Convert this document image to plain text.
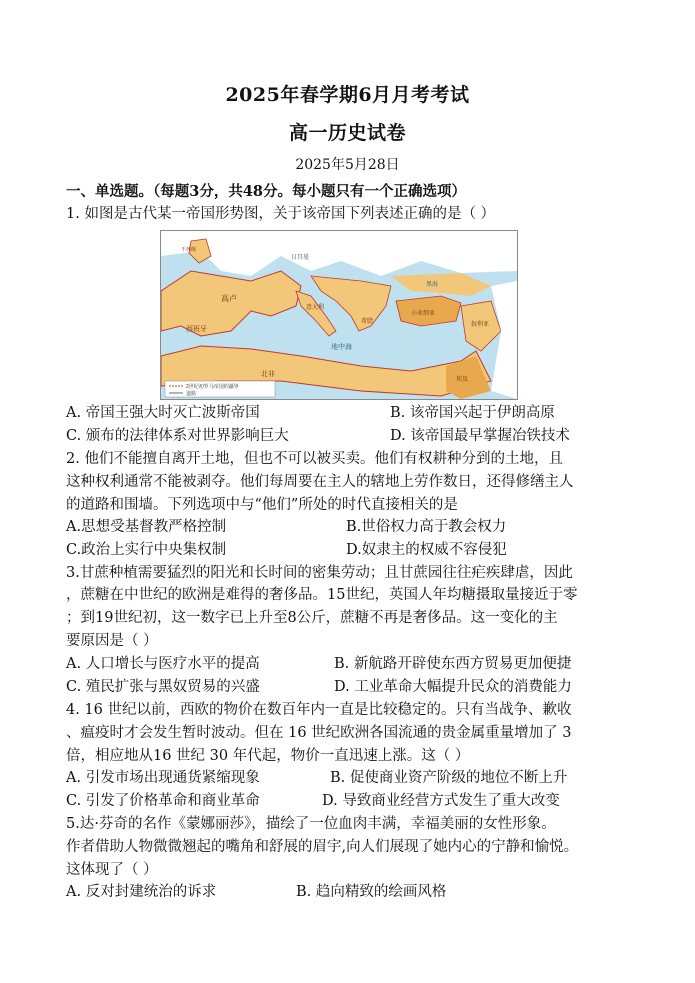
2025年春学期6月月考考试
高一历史试卷
2025年5月28日
一、单选题。（每题3分，共48分。每小题只有一个正确选项）
1. 如图是古代某一帝国形势图，关于该帝国下列表述正确的是（ ）
2世纪初罗马帝国的疆界
道路
高卢
西班牙
意大利
希腊
小亚细亚
叙利亚
埃及
北非
黑海
地中海
日耳曼
不列颠
A. 帝国王强大时灭亡波斯帝国	B. 该帝国兴起于伊朗高原
C. 颁布的法律体系对世界影响巨大	D. 该帝国最早掌握冶铁技术
2. 他们不能擅自离开土地，但也不可以被买卖。他们有权耕种分到的土地，且
这种权利通常不能被剥夺。他们每周要在主人的辖地上劳作数日，还得修缮主人
的道路和围墙。下列选项中与“他们”所处的时代直接相关的是
A.思想受基督教严格控制	B.世俗权力高于教会权力
C.政治上实行中央集权制	D.奴隶主的权威不容侵犯
3.甘蔗种植需要猛烈的阳光和长时间的密集劳动；且甘蔗园往往疟疾肆虐，因此
，蔗糖在中世纪的欧洲是难得的奢侈品。15世纪，英国人年均糖摄取量接近于零
；到19世纪初，这一数字已上升至8公斤，蔗糖不再是奢侈品。这一变化的主
要原因是（ ）
A. 人口增长与医疗水平的提高	B. 新航路开辟使东西方贸易更加便捷
C. 殖民扩张与黑奴贸易的兴盛	D. 工业革命大幅提升民众的消费能力
4. 16 世纪以前，西欧的物价在数百年内一直是比较稳定的。只有当战争、歉收
、瘟疫时才会发生暂时波动。但在 16 世纪欧洲各国流通的贵金属重量增加了 3
倍，相应地从16 世纪 30 年代起，物价一直迅速上涨。这（ ）
A. 引发市场出现通货紧缩现象	B. 促使商业资产阶级的地位不断上升
C. 引发了价格革命和商业革命	D. 导致商业经营方式发生了重大改变
5.达·芬奇的名作《蒙娜丽莎》，描绘了一位血肉丰满，幸福美丽的女性形象。
作者借助人物微微翘起的嘴角和舒展的眉宇,向人们展现了她内心的宁静和愉悦。
这体现了（ ）
A. 反对封建统治的诉求	B. 趋向精致的绘画风格
